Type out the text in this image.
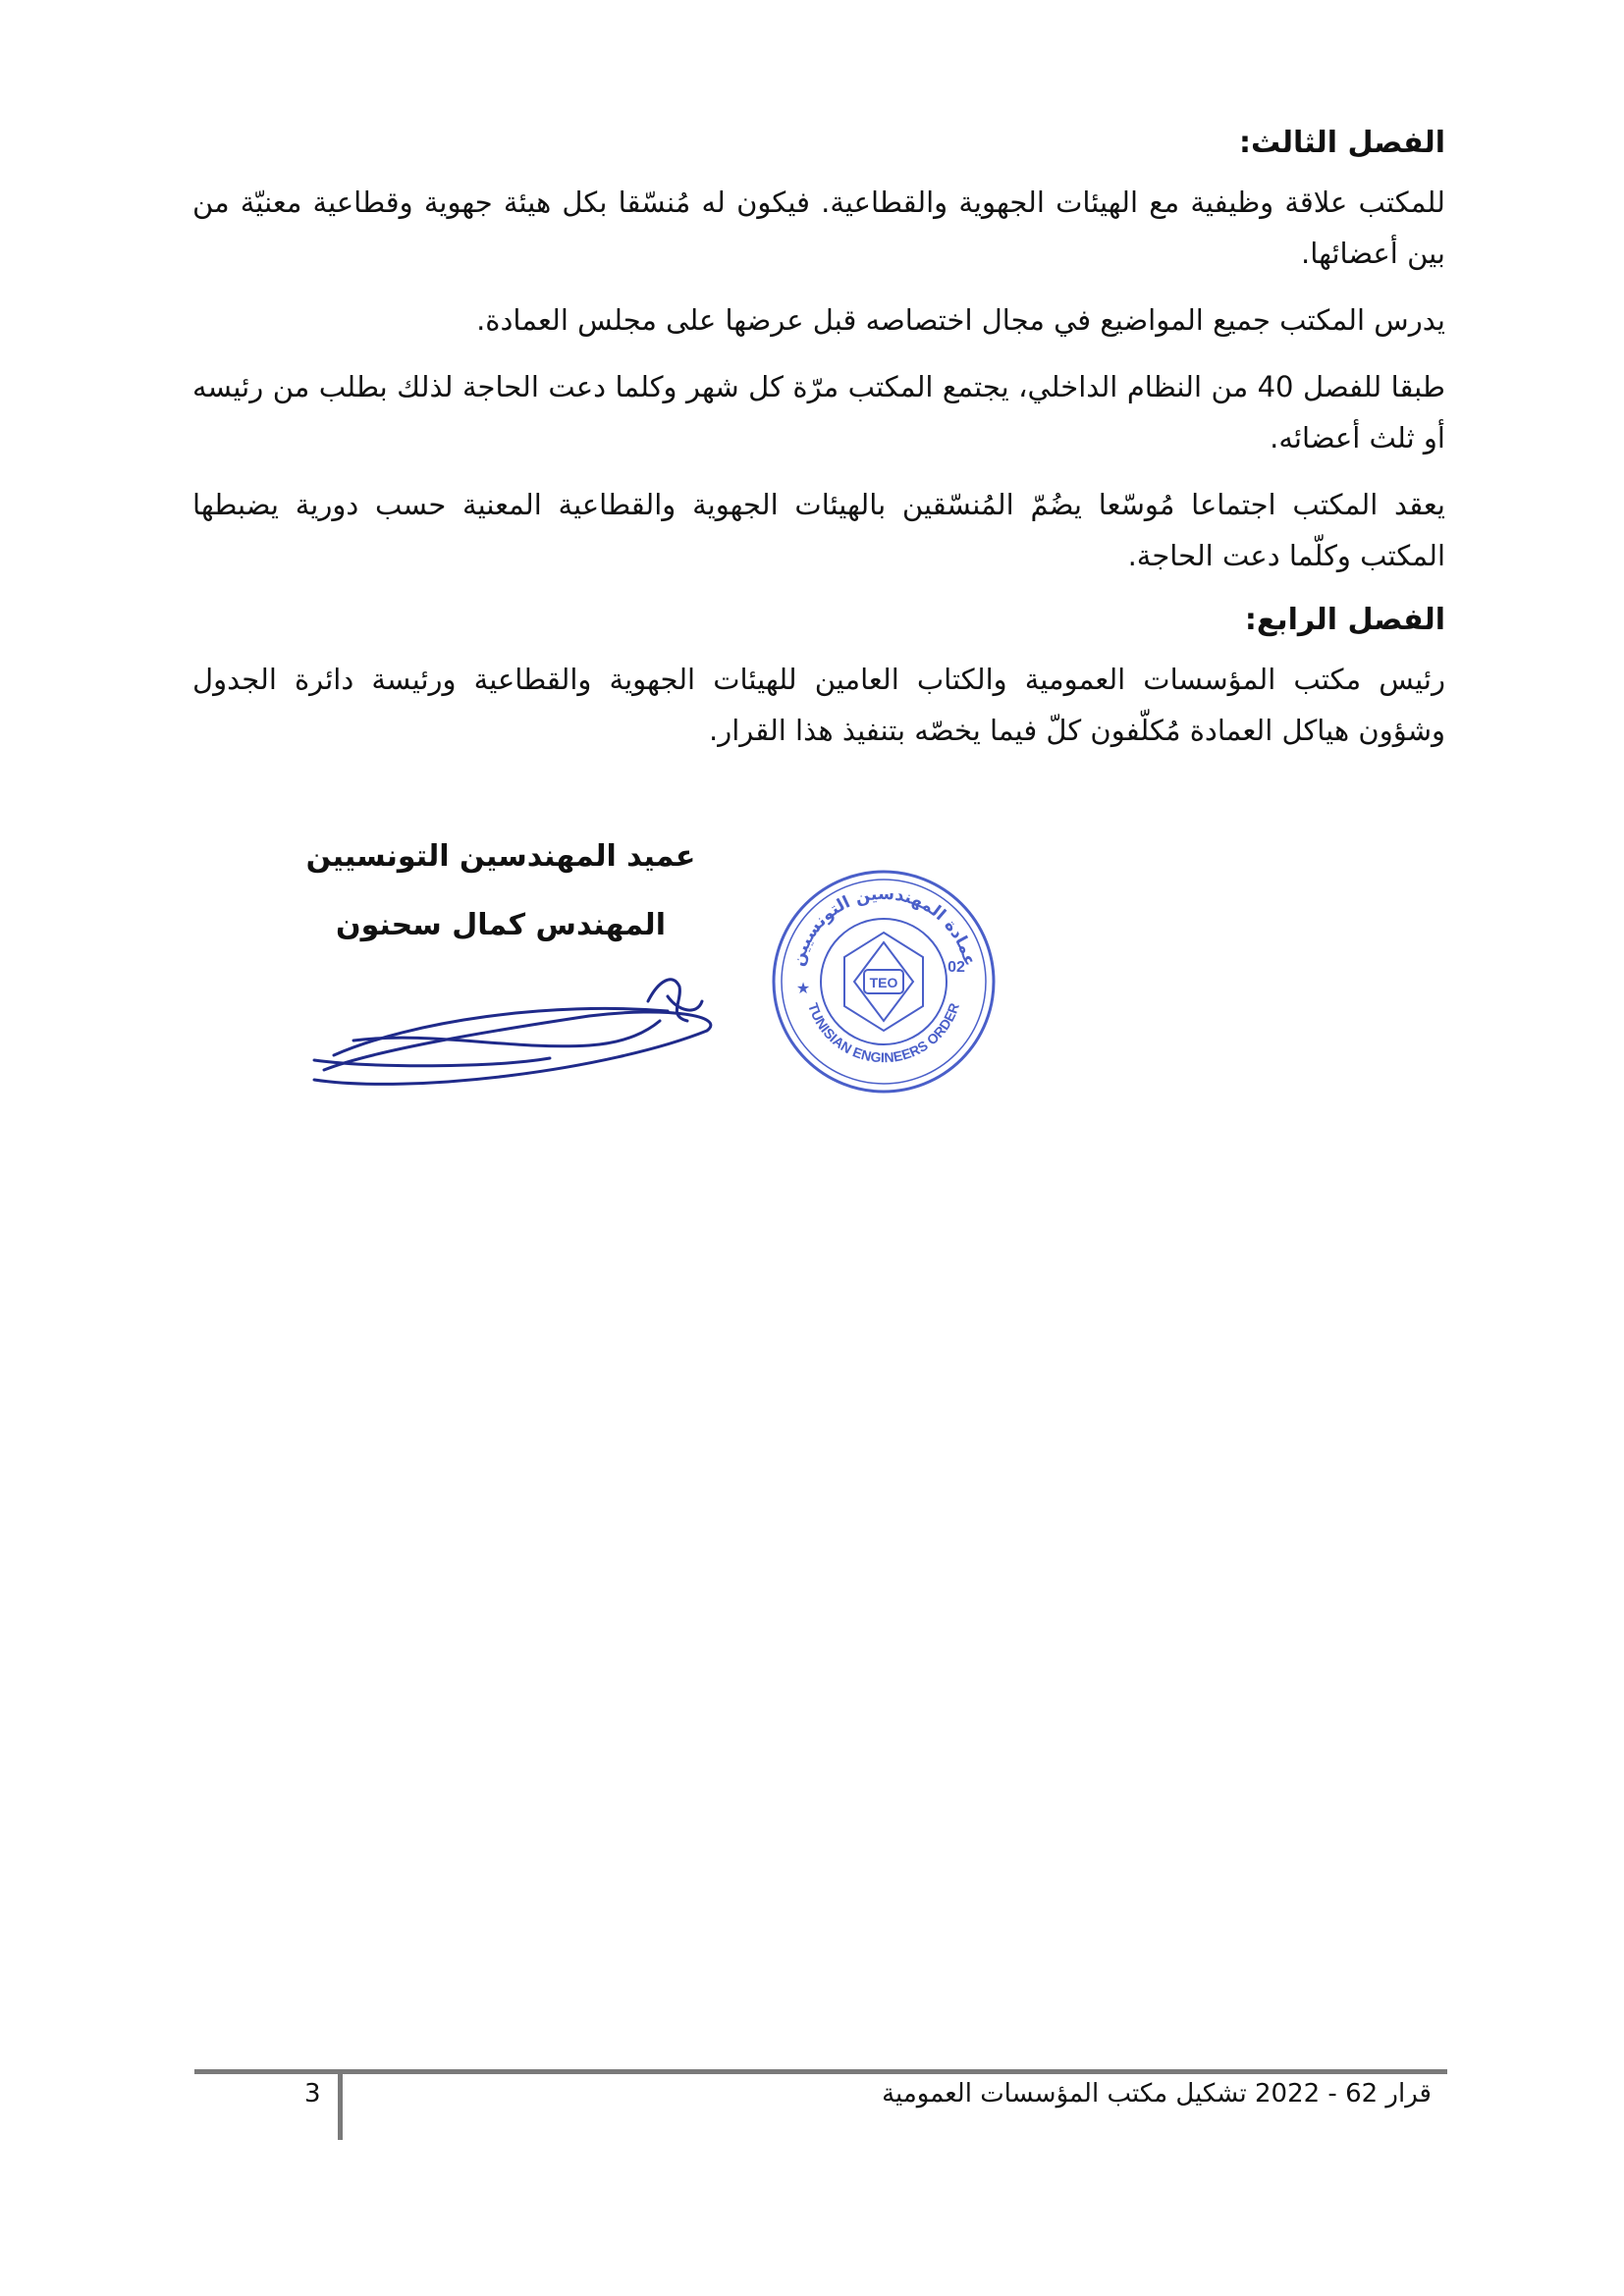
الفصل الثالث:

للمكتب علاقة وظيفية مع الهيئات الجهوية والقطاعية. فيكون له مُنسّقا بكل هيئة جهوية وقطاعية معنيّة من بين أعضائها.

يدرس المكتب جميع المواضيع في مجال اختصاصه قبل عرضها على مجلس العمادة.

طبقا للفصل 40 من النظام الداخلي، يجتمع المكتب مرّة كل شهر وكلما دعت الحاجة لذلك بطلب من رئيسه أو ثلث أعضائه.

يعقد المكتب اجتماعا مُوسّعا يضُمّ المُنسّقين بالهيئات الجهوية والقطاعية المعنية حسب دورية يضبطها المكتب وكلّما دعت الحاجة.

الفصل الرابع:

رئيس مكتب المؤسسات العمومية والكتاب العامين للهيئات الجهوية والقطاعية ورئيسة دائرة الجدول وشؤون هياكل العمادة مُكلّفون كلّ فيما يخصّه بتنفيذ هذا القرار.

عميد المهندسين التونسيين
المهندس كمال سحنون
TEO
02
★
عمادة المهندسين التونسيين
TUNISIAN ENGINEERS ORDER
قرار 62 - 2022 تشكيل مكتب المؤسسات العمومية
3
